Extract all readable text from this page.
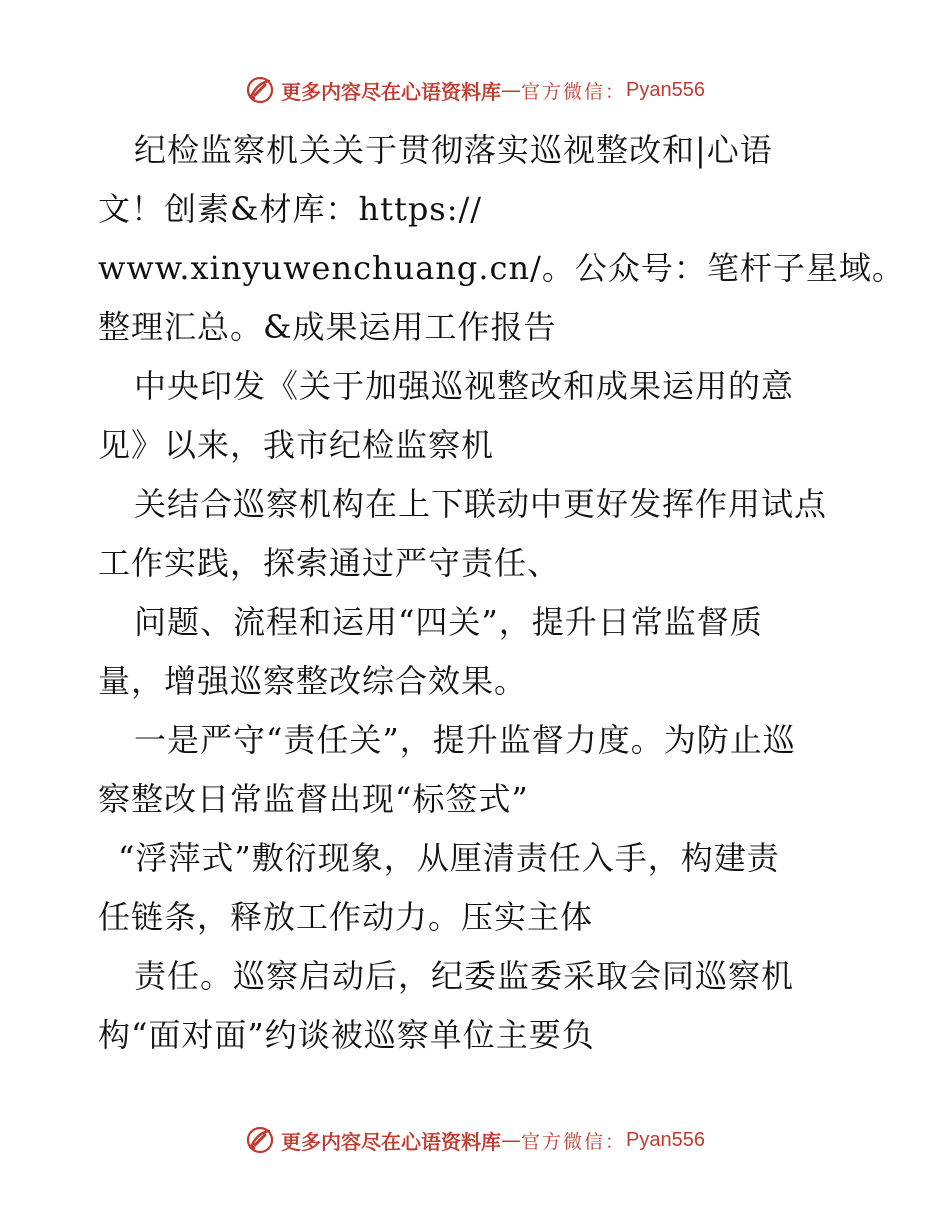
更多内容尽在心语资料库 — 官方微信： Pyan556
纪检监察机关关于贯彻落实巡视整改和|心语
文！创素&材库：https://
www.xinyuwenchuang.cn/。公众号：笔杆子星域。
整理汇总。&成果运用工作报告
中央印发《关于加强巡视整改和成果运用的意
见》以来，我市纪检监察机
关结合巡察机构在上下联动中更好发挥作用试点
工作实践，探索通过严守责任、
问题、流程和运用“四关”，提升日常监督质
量，增强巡察整改综合效果。
一是严守“责任关”，提升监督力度。为防止巡
察整改日常监督出现“标签式”
“浮萍式”敷衍现象，从厘清责任入手，构建责
任链条，释放工作动力。压实主体
责任。巡察启动后，纪委监委采取会同巡察机
构“面对面”约谈被巡察单位主要负
更多内容尽在心语资料库 — 官方微信： Pyan556
